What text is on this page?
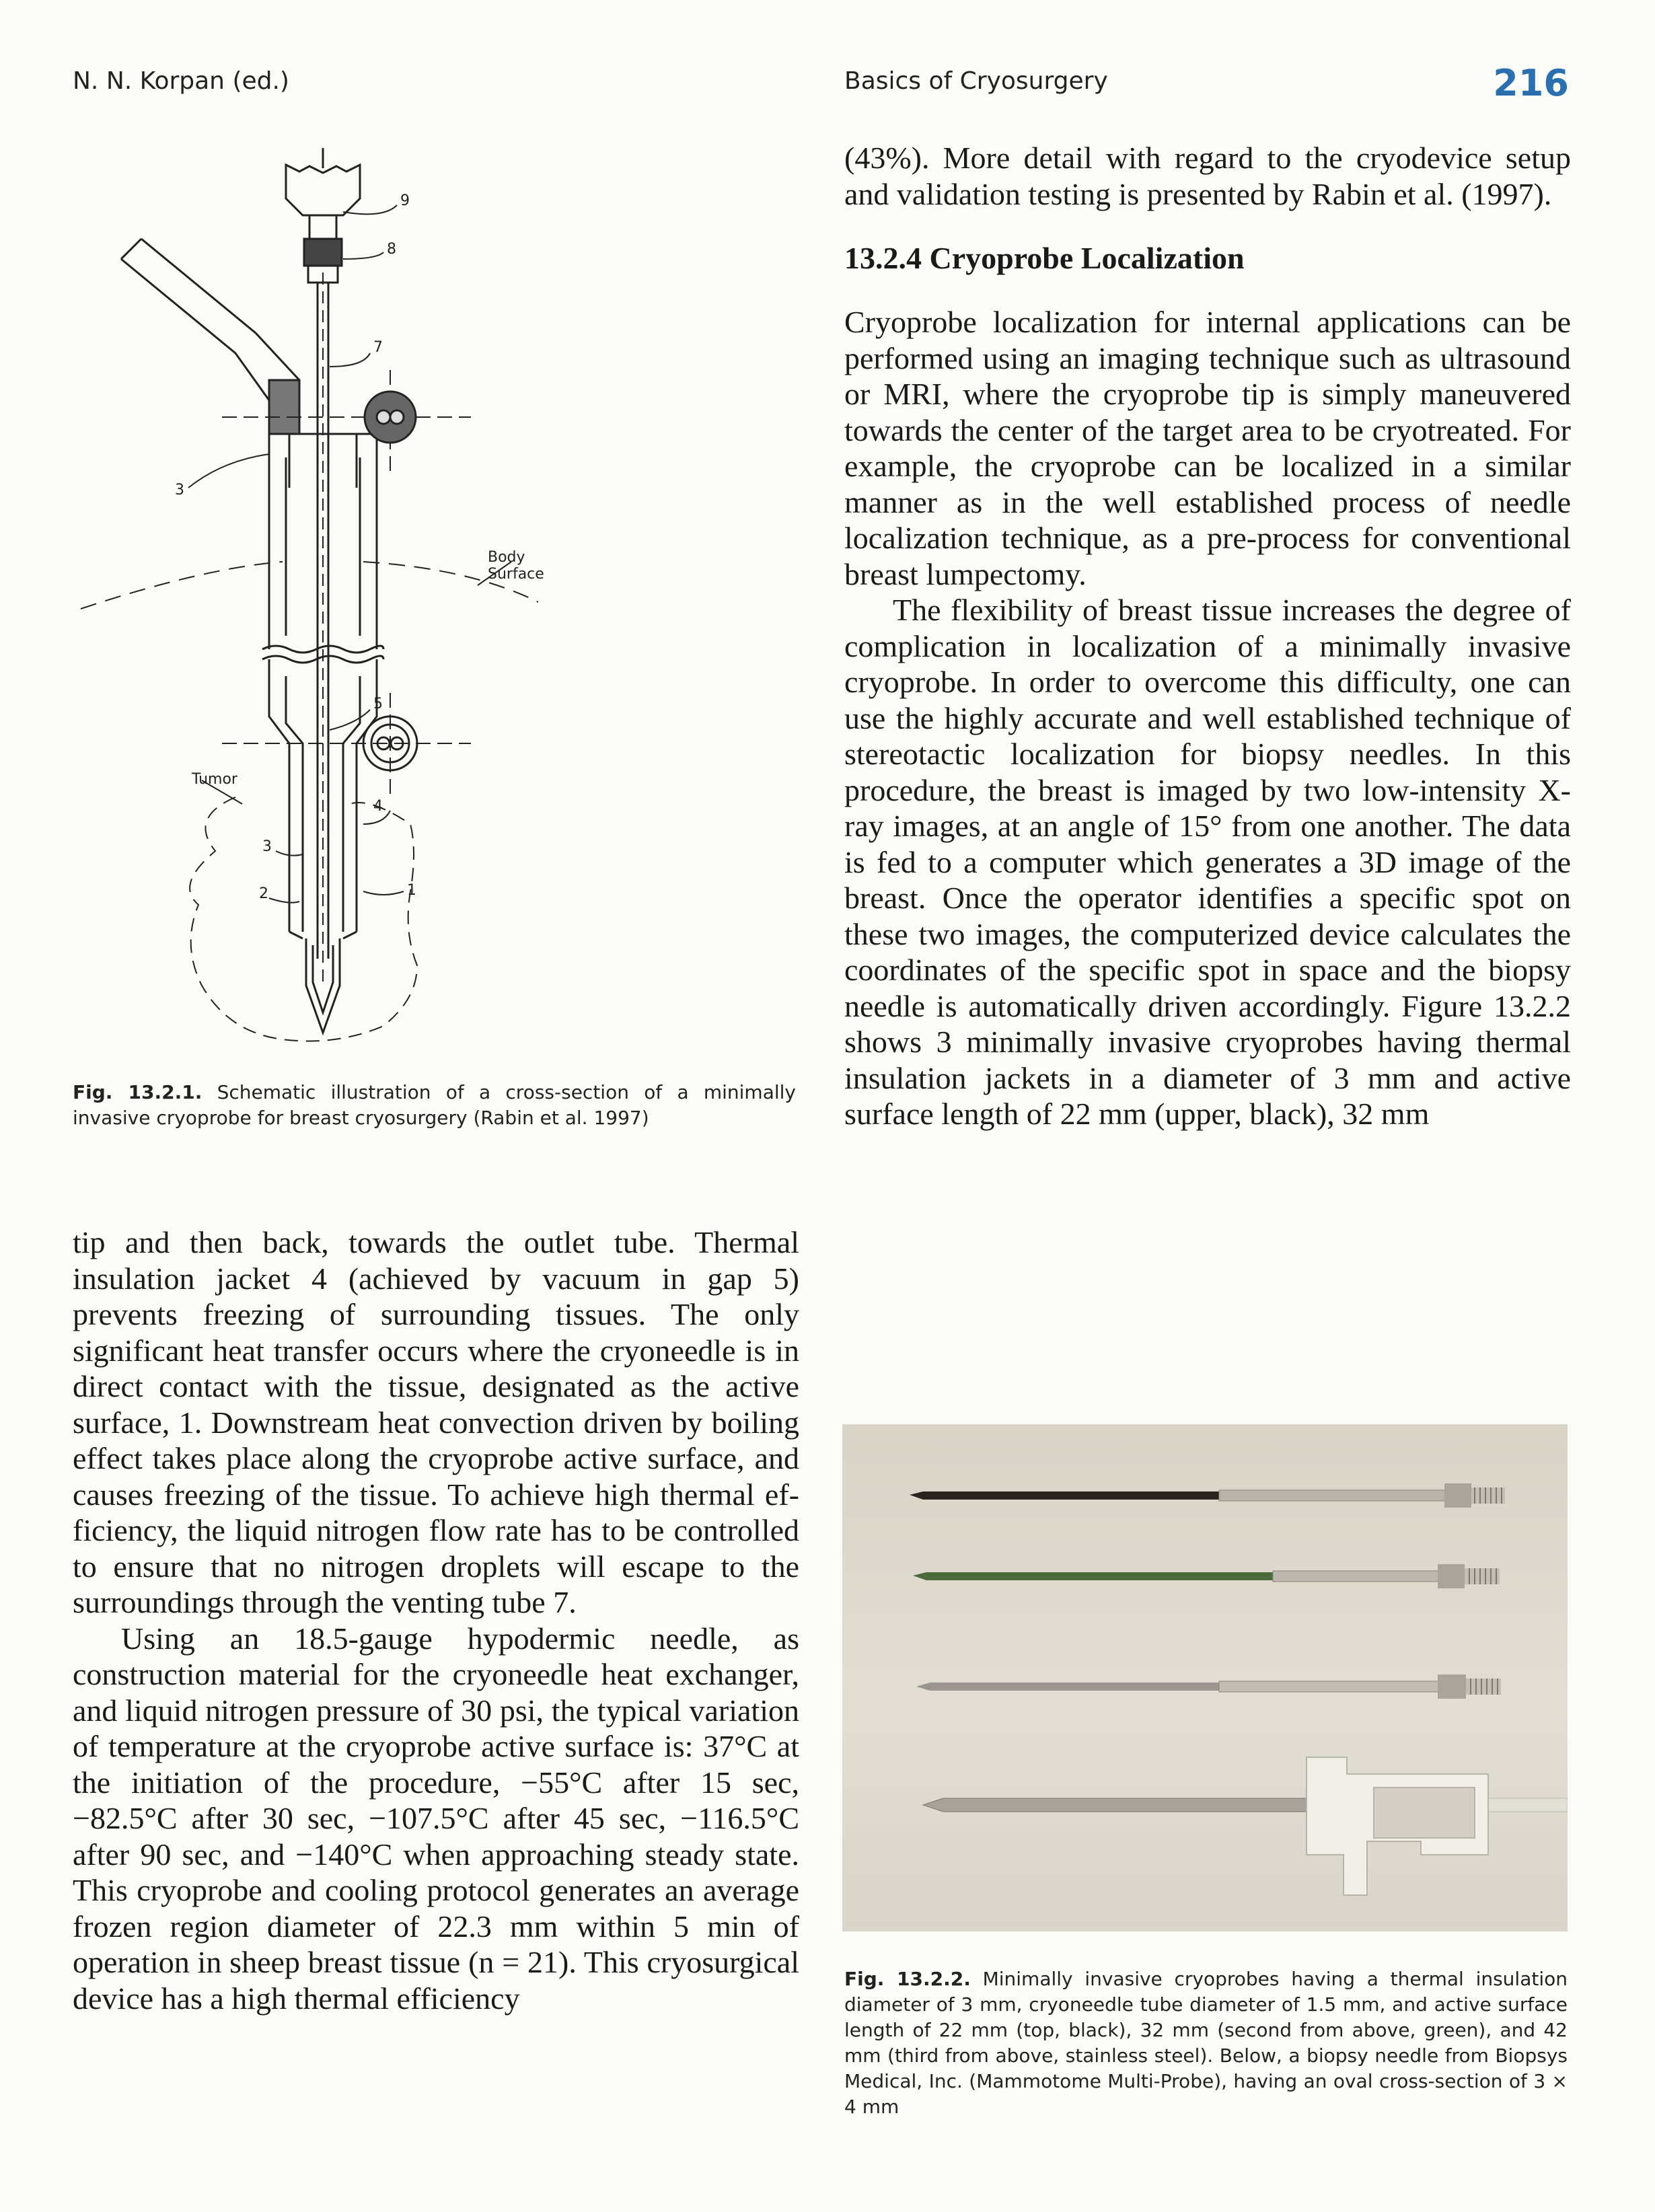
N. N. Korpan (ed.)	Basics of Cryosurgery	216
9
8
7
3
Body
Surface
5
Tumor
4
3
2	1
Fig. 13.2.1. Schematic illustration of a cross-section of a minimally invasive cryoprobe for breast cryosurgery (Rabin et al. 1997)

tip and then back, towards the outlet tube. Thermal insulation jacket 4 (achieved by vacuum in gap 5) prevents freezing of surrounding tissues. The only significant heat transfer occurs where the cryoneedle is in direct contact with the tissue, designated as the active surface, 1. Downstream heat convection driven by boiling effect takes place along the cryoprobe active surface, and causes freezing of the tissue. To achieve high thermal efficiency, the liquid nitrogen flow rate has to be controlled to ensure that no nitrogen droplets will escape to the surroundings through the venting tube 7.

Using an 18.5-gauge hypodermic needle, as construction material for the cryoneedle heat exchanger, and liquid nitrogen pressure of 30 psi, the typical variation of temperature at the cryoprobe active surface is: 37°C at the initiation of the procedure, −55°C after 15 sec, −82.5°C after 30 sec, −107.5°C after 45 sec, −116.5°C after 90 sec, and −140°C when approaching steady state. This cryoprobe and cooling protocol generates an average frozen region diameter of 22.3 mm within 5 min of operation in sheep breast tissue (n = 21). This cryosurgical device has a high thermal efficiency

(43%). More detail with regard to the cryodevice setup and validation testing is presented by Rabin et al. (1997).

13.2.4 Cryoprobe Localization

Cryoprobe localization for internal applications can be performed using an imaging technique such as ultrasound or MRI, where the cryoprobe tip is simply maneuvered towards the center of the target area to be cryotreated. For example, the cryoprobe can be localized in a similar manner as in the well established process of needle localization technique, as a pre-process for conventional breast lumpectomy.

The flexibility of breast tissue increases the degree of complication in localization of a minimally invasive cryoprobe. In order to overcome this difficulty, one can use the highly accurate and well established technique of stereotactic localization for biopsy needles. In this procedure, the breast is imaged by two low-intensity X-ray images, at an angle of 15° from one another. The data is fed to a computer which generates a 3D image of the breast. Once the operator identifies a specific spot on these two images, the computerized device calculates the coordinates of the specific spot in space and the biopsy needle is automatically driven accordingly. Figure 13.2.2 shows 3 minimally invasive cryoprobes having thermal insulation jackets in a diameter of 3 mm and active surface length of 22 mm (upper, black), 32 mm

Fig. 13.2.2. Minimally invasive cryoprobes having a thermal insulation diameter of 3 mm, cryoneedle tube diameter of 1.5 mm, and active surface length of 22 mm (top, black), 32 mm (second from above, green), and 42 mm (third from above, stainless steel). Below, a biopsy needle from Biopsys Medical, Inc. (Mammotome Multi-Probe), having an oval cross-section of 3 × 4 mm
